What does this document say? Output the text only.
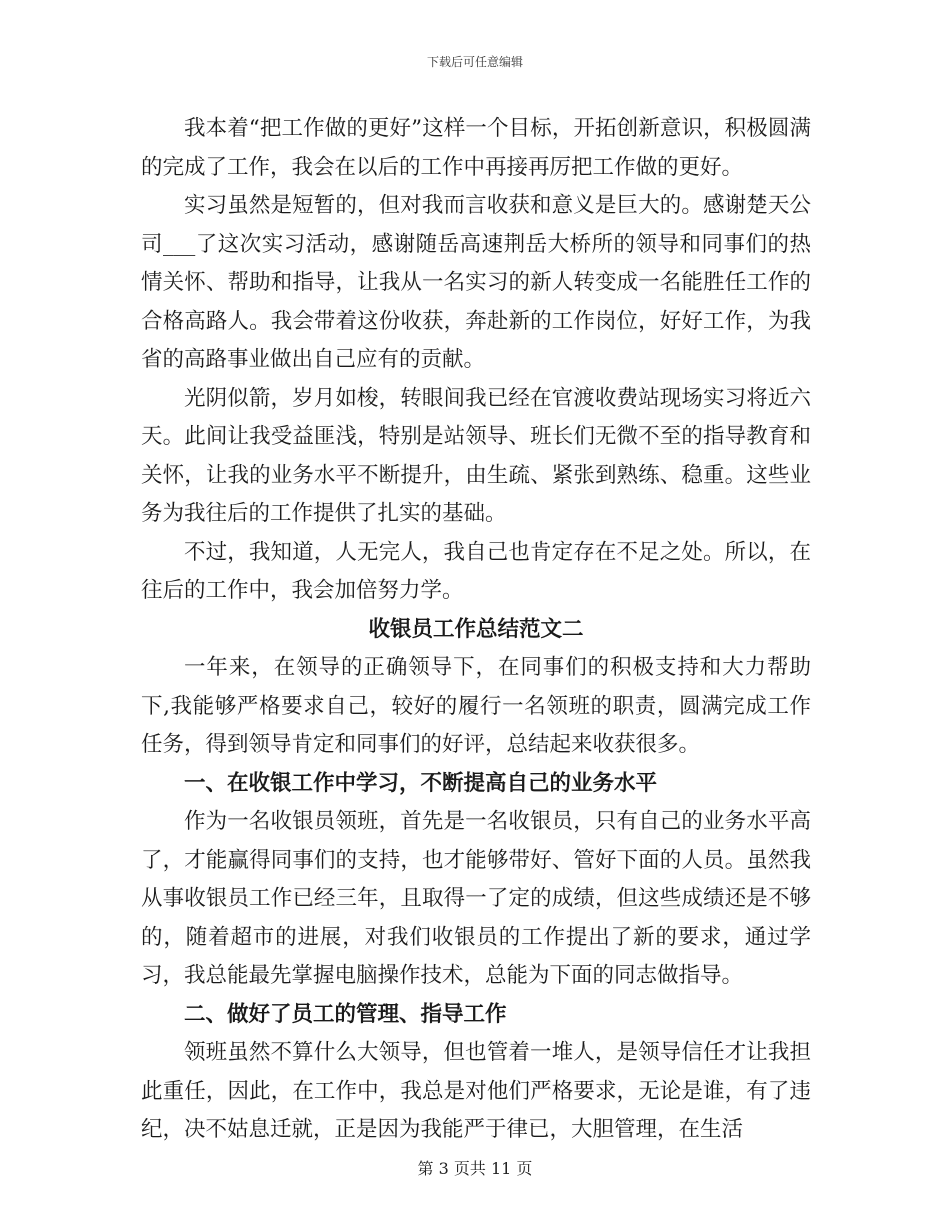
下载后可任意编辑

我本着“把工作做的更好”这样一个目标，开拓创新意识，积极圆满的完成了工作，我会在以后的工作中再接再厉把工作做的更好。

实习虽然是短暂的，但对我而言收获和意义是巨大的。感谢楚天公司___了这次实习活动，感谢随岳高速荆岳大桥所的领导和同事们的热情关怀、帮助和指导，让我从一名实习的新人转变成一名能胜任工作的合格高路人。我会带着这份收获，奔赴新的工作岗位，好好工作，为我省的高路事业做出自己应有的贡献。

光阴似箭，岁月如梭，转眼间我已经在官渡收费站现场实习将近六天。此间让我受益匪浅，特别是站领导、班长们无微不至的指导教育和关怀，让我的业务水平不断提升，由生疏、紧张到熟练、稳重。这些业务为我往后的工作提供了扎实的基础。

不过，我知道，人无完人，我自己也肯定存在不足之处。所以，在往后的工作中，我会加倍努力学。

收银员工作总结范文二

一年来，在领导的正确领导下，在同事们的积极支持和大力帮助下,我能够严格要求自己，较好的履行一名领班的职责，圆满完成工作任务，得到领导肯定和同事们的好评，总结起来收获很多。

一、在收银工作中学习，不断提高自己的业务水平

作为一名收银员领班，首先是一名收银员，只有自己的业务水平高了，才能赢得同事们的支持，也才能够带好、管好下面的人员。虽然我从事收银员工作已经三年，且取得一了定的成绩，但这些成绩还是不够的，随着超市的进展，对我们收银员的工作提出了新的要求，通过学习，我总能最先掌握电脑操作技术，总能为下面的同志做指导。

二、做好了员工的管理、指导工作

领班虽然不算什么大领导，但也管着一堆人，是领导信任才让我担此重任，因此，在工作中，我总是对他们严格要求，无论是谁，有了违纪，决不姑息迁就，正是因为我能严于律已，大胆管理，在生活

第 3 页共 11 页
